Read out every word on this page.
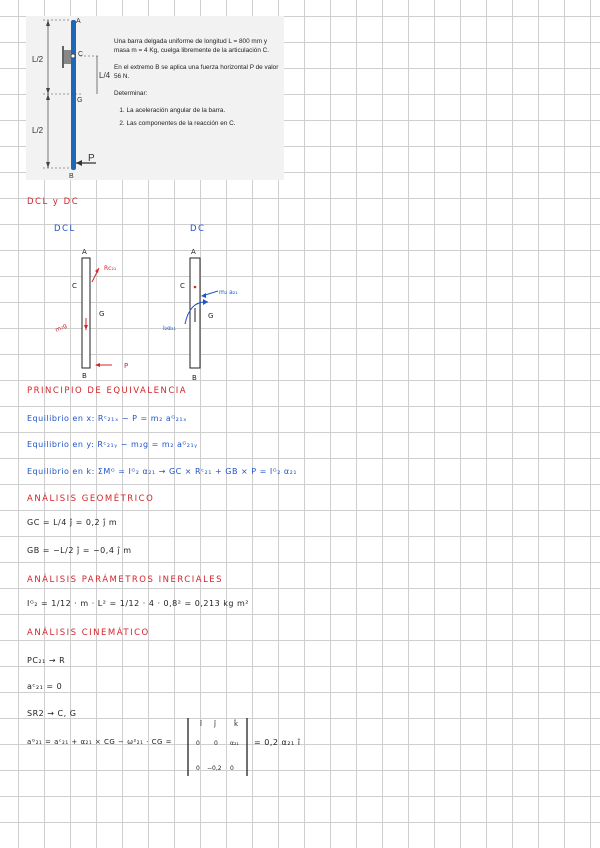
Una barra delgada uniforme de longitud L = 800 mm y masa m = 4 Kg, cuelga libremente de la articulación C.

En el extremo B se aplica una fuerza horizontal P de valor 56 N.

Determinar:

1. La aceleración angular de la barra.
2. Las componentes de la reacción en C.
A
C
G
B
P
L/2
L/2
L/4
A
C
G
B
Rc₂₁
m₂g
P
A
C
G
B
m₂ a₂₁
I₂α₂₁
î ĵ	k̂
0 0 α₂₁
0 −0,2 0
DCL y DC
DCL	DC
PRINCIPIO DE EQUIVALENCIA
Equilibrio en x: Rᶜ₂₁ₓ − P = m₂ aᴳ₂₁ₓ
Equilibrio en y: Rᶜ₂₁ᵧ − m₂g = m₂ aᴳ₂₁ᵧ
Equilibrio en k: ΣMᴳ = Iᴳ₂ α₂₁ → GC × Rᶜ₂₁ + GB × P = Iᴳ₂ α₂₁
ANÁLISIS GEOMÉTRICO
GC = L/4 ĵ = 0,2 ĵ m
GB = −L/2 ĵ = −0,4 ĵ m
ANÁLISIS PARÁMETROS INERCIALES
Iᴳ₂ = 1/12 · m · L² = 1/12 · 4 · 0,8² = 0,213 kg m²
ANÁLISIS CINEMÁTICO
PC₂₁ → R
aᶜ₂₁ = 0
SR2 → C, G
aᴳ₂₁ = aᶜ₂₁ + α₂₁ × CG − ω²₂₁ · CG =	= 0,2 α₂₁ î
